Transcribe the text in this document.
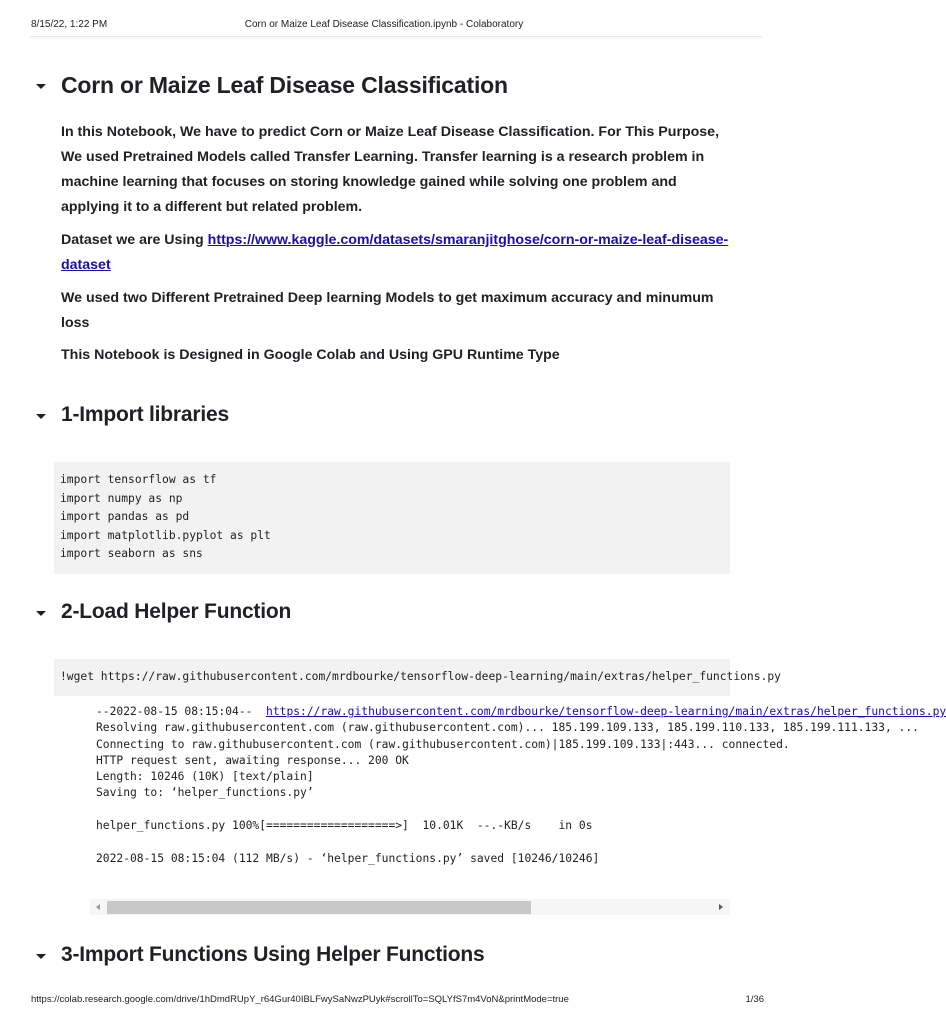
8/15/22, 1:22 PM	Corn or Maize Leaf Disease Classification.ipynb - Colaboratory
Corn or Maize Leaf Disease Classification

In this Notebook, We have to predict Corn or Maize Leaf Disease Classification. For This Purpose, We used Pretrained Models called Transfer Learning. Transfer learning is a research problem in machine learning that focuses on storing knowledge gained while solving one problem and applying it to a different but related problem.

Dataset we are Using https://www.kaggle.com/datasets/smaranjitghose/corn-or-maize-leaf-disease-dataset

We used two Different Pretrained Deep learning Models to get maximum accuracy and minumum loss

This Notebook is Designed in Google Colab and Using GPU Runtime Type

1-Import libraries
import tensorflow as tf
import numpy as np
import pandas as pd
import matplotlib.pyplot as plt
import seaborn as sns
2-Load Helper Function
!wget https://raw.githubusercontent.com/mrdbourke/tensorflow-deep-learning/main/extras/helper_functions.py
--2022-08-15 08:15:04--  https://raw.githubusercontent.com/mrdbourke/tensorflow-deep-learning/main/extras/helper_functions.py
Resolving raw.githubusercontent.com (raw.githubusercontent.com)... 185.199.109.133, 185.199.110.133, 185.199.111.133, ...
Connecting to raw.githubusercontent.com (raw.githubusercontent.com)|185.199.109.133|:443... connected.
HTTP request sent, awaiting response... 200 OK
Length: 10246 (10K) [text/plain]
Saving to: ‘helper_functions.py’

helper_functions.py 100%[===================>]  10.01K  --.-KB/s    in 0s

2022-08-15 08:15:04 (112 MB/s) - ‘helper_functions.py’ saved [10246/10246]
3-Import Functions Using Helper Functions
https://colab.research.google.com/drive/1hDmdRUpY_r64Gur40IBLFwySaNwzPUyk#scrollTo=SQLYfS7m4VoN&printMode=true	1/36
